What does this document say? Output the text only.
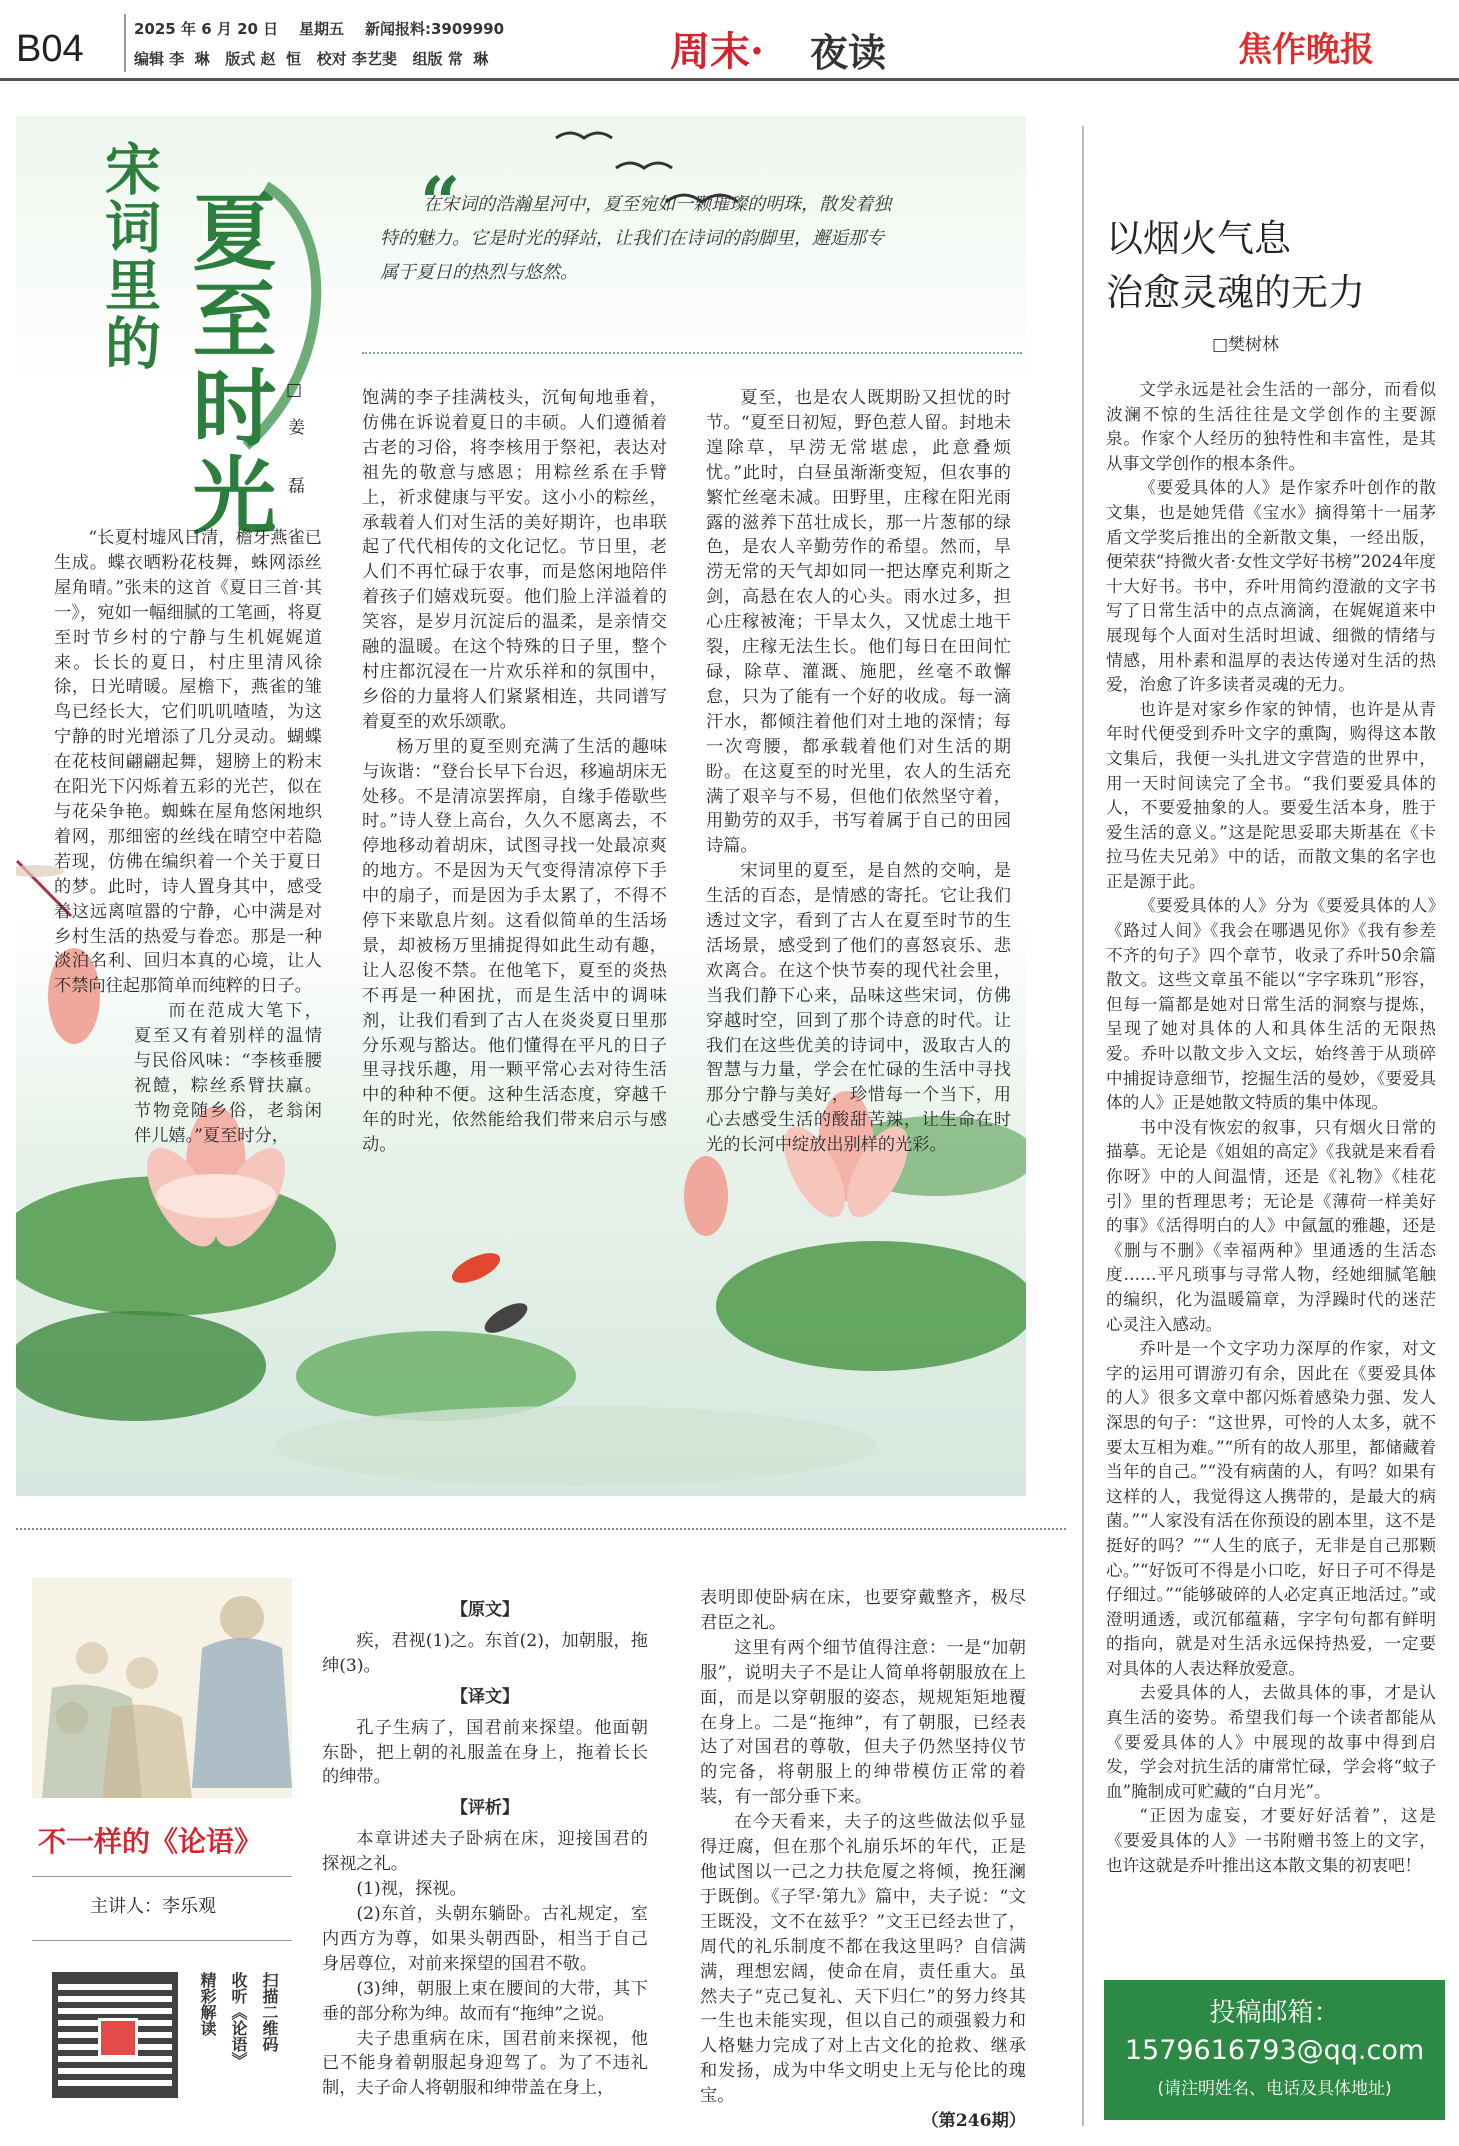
B04	2025 年 6 月 20 日    星期五    新闻报料:3909990
编辑 李  琳   版式 赵  恒   校对 李艺斐   组版 常  琳	周末· 夜读	焦作晚报
宋词里的 夏至时光 □姜 磊
“
在宋词的浩瀚星河中，夏至宛如一颗璀璨的明珠，散发着独特的魅力。它是时光的驿站，让我们在诗词的韵脚里，邂逅那专属于夏日的热烈与悠然。

“长夏村墟风日清，檐牙燕雀已生成。蝶衣晒粉花枝舞，蛛网添丝屋角晴。”张耒的这首《夏日三首·其一》，宛如一幅细腻的工笔画，将夏至时节乡村的宁静与生机娓娓道来。长长的夏日，村庄里清风徐徐，日光晴暖。屋檐下，燕雀的雏鸟已经长大，它们叽叽喳喳，为这宁静的时光增添了几分灵动。蝴蝶在花枝间翩翩起舞，翅膀上的粉末在阳光下闪烁着五彩的光芒，似在与花朵争艳。蜘蛛在屋角悠闲地织着网，那细密的丝线在晴空中若隐若现，仿佛在编织着一个关于夏日的梦。此时，诗人置身其中，感受着这远离喧嚣的宁静，心中满是对乡村生活的热爱与眷恋。那是一种淡泊名利、回归本真的心境，让人不禁向往起那简单而纯粹的日子。

而在范成大笔下，夏至又有着别样的温情与民俗风味：“李核垂腰祝饐，粽丝系臂扶羸。节物竞随乡俗，老翁闲伴儿嬉。”夏至时分，

饱满的李子挂满枝头，沉甸甸地垂着，仿佛在诉说着夏日的丰硕。人们遵循着古老的习俗，将李核用于祭祀，表达对祖先的敬意与感恩；用粽丝系在手臂上，祈求健康与平安。这小小的粽丝，承载着人们对生活的美好期许，也串联起了代代相传的文化记忆。节日里，老人们不再忙碌于农事，而是悠闲地陪伴着孩子们嬉戏玩耍。他们脸上洋溢着的笑容，是岁月沉淀后的温柔，是亲情交融的温暖。在这个特殊的日子里，整个村庄都沉浸在一片欢乐祥和的氛围中，乡俗的力量将人们紧紧相连，共同谱写着夏至的欢乐颂歌。

杨万里的夏至则充满了生活的趣味与诙谐：“登台长早下台迟，移遍胡床无处移。不是清凉罢挥扇，自缘手倦歇些时。”诗人登上高台，久久不愿离去，不停地移动着胡床，试图寻找一处最凉爽的地方。不是因为天气变得清凉停下手中的扇子，而是因为手太累了，不得不停下来歇息片刻。这看似简单的生活场景，却被杨万里捕捉得如此生动有趣，让人忍俊不禁。在他笔下，夏至的炎热不再是一种困扰，而是生活中的调味剂，让我们看到了古人在炎炎夏日里那分乐观与豁达。他们懂得在平凡的日子里寻找乐趣，用一颗平常心去对待生活中的种种不便。这种生活态度，穿越千年的时光，依然能给我们带来启示与感动。

夏至，也是农人既期盼又担忧的时节。“夏至日初短，野色惹人留。封地未遑除草，早涝无常堪虑，此意叠烦忧。”此时，白昼虽渐渐变短，但农事的繁忙丝毫未减。田野里，庄稼在阳光雨露的滋养下茁壮成长，那一片葱郁的绿色，是农人辛勤劳作的希望。然而，旱涝无常的天气却如同一把达摩克利斯之剑，高悬在农人的心头。雨水过多，担心庄稼被淹；干旱太久，又忧虑土地干裂，庄稼无法生长。他们每日在田间忙碌，除草、灌溉、施肥，丝毫不敢懈怠，只为了能有一个好的收成。每一滴汗水，都倾注着他们对土地的深情；每一次弯腰，都承载着他们对生活的期盼。在这夏至的时光里，农人的生活充满了艰辛与不易，但他们依然坚守着，用勤劳的双手，书写着属于自己的田园诗篇。

宋词里的夏至，是自然的交响，是生活的百态，是情感的寄托。它让我们透过文字，看到了古人在夏至时节的生活场景，感受到了他们的喜怒哀乐、悲欢离合。在这个快节奏的现代社会里，当我们静下心来，品味这些宋词，仿佛穿越时空，回到了那个诗意的时代。让我们在这些优美的诗词中，汲取古人的智慧与力量，学会在忙碌的生活中寻找那分宁静与美好，珍惜每一个当下，用心去感受生活的酸甜苦辣，让生命在时光的长河中绽放出别样的光彩。

以烟火气息
治愈灵魂的无力
□樊树林

文学永远是社会生活的一部分，而看似波澜不惊的生活往往是文学创作的主要源泉。作家个人经历的独特性和丰富性，是其从事文学创作的根本条件。

《要爱具体的人》是作家乔叶创作的散文集，也是她凭借《宝水》摘得第十一届茅盾文学奖后推出的全新散文集，一经出版，便荣获“持微火者·女性文学好书榜”2024年度十大好书。书中，乔叶用简约澄澈的文字书写了日常生活中的点点滴滴，在娓娓道来中展现每个人面对生活时坦诚、细微的情绪与情感，用朴素和温厚的表达传递对生活的热爱，治愈了许多读者灵魂的无力。

也许是对家乡作家的钟情，也许是从青年时代便受到乔叶文字的熏陶，购得这本散文集后，我便一头扎进文字营造的世界中，用一天时间读完了全书。“我们要爱具体的人，不要爱抽象的人。要爱生活本身，胜于爱生活的意义。”这是陀思妥耶夫斯基在《卡拉马佐夫兄弟》中的话，而散文集的名字也正是源于此。

《要爱具体的人》分为《要爱具体的人》《路过人间》《我会在哪遇见你》《我有参差不齐的句子》四个章节，收录了乔叶50余篇散文。这些文章虽不能以“字字珠玑”形容，但每一篇都是她对日常生活的洞察与提炼，呈现了她对具体的人和具体生活的无限热爱。乔叶以散文步入文坛，始终善于从琐碎中捕捉诗意细节，挖掘生活的曼妙，《要爱具体的人》正是她散文特质的集中体现。

书中没有恢宏的叙事，只有烟火日常的描摹。无论是《姐姐的高定》《我就是来看看你呀》中的人间温情，还是《礼物》《桂花引》里的哲理思考；无论是《薄荷一样美好的事》《活得明白的人》中氤氲的雅趣，还是《删与不删》《幸福两种》里通透的生活态度……平凡琐事与寻常人物，经她细腻笔触的编织，化为温暖篇章，为浮躁时代的迷茫心灵注入感动。

乔叶是一个文字功力深厚的作家，对文字的运用可谓游刃有余，因此在《要爱具体的人》很多文章中都闪烁着感染力强、发人深思的句子：“这世界，可怜的人太多，就不要太互相为难。”“所有的故人那里，都储藏着当年的自己。”“没有病菌的人，有吗？如果有这样的人，我觉得这人携带的，是最大的病菌。”“人家没有活在你预设的剧本里，这不是挺好的吗？”“人生的底子，无非是自己那颗心。”“好饭可不得是小口吃，好日子可不得是仔细过。”“能够破碎的人必定真正地活过。”或澄明通透，或沉郁蕴藉，字字句句都有鲜明的指向，就是对生活永远保持热爱，一定要对具体的人表达释放爱意。

去爱具体的人，去做具体的事，才是认真生活的姿势。希望我们每一个读者都能从《要爱具体的人》中展现的故事中得到启发，学会对抗生活的庸常忙碌，学会将“蚊子血”腌制成可贮藏的“白月光”。

“正因为虚妄，才要好好活着”，这是《要爱具体的人》一书附赠书签上的文字，也许这就是乔叶推出这本散文集的初衷吧！

投稿邮箱：
1579616793@qq.com
(请注明姓名、电话及具体地址)
不一样的《论语》
主讲人：李乐观
扫描二维码
收听《论语》
精彩解读

【原文】

疾，君视(1)之。东首(2)，加朝服，拖绅(3)。

【译文】

孔子生病了，国君前来探望。他面朝东卧，把上朝的礼服盖在身上，拖着长长的绅带。

【评析】

本章讲述夫子卧病在床，迎接国君的探视之礼。

(1)视，探视。

(2)东首，头朝东躺卧。古礼规定，室内西方为尊，如果头朝西卧，相当于自己身居尊位，对前来探望的国君不敬。

(3)绅，朝服上束在腰间的大带，其下垂的部分称为绅。故而有“拖绅”之说。

夫子患重病在床，国君前来探视，他已不能身着朝服起身迎驾了。为了不违礼制，夫子命人将朝服和绅带盖在身上，

表明即使卧病在床，也要穿戴整齐，极尽君臣之礼。

这里有两个细节值得注意：一是“加朝服”，说明夫子不是让人简单将朝服放在上面，而是以穿朝服的姿态，规规矩矩地覆在身上。二是“拖绅”，有了朝服，已经表达了对国君的尊敬，但夫子仍然坚持仪节的完备，将朝服上的绅带模仿正常的着装，有一部分垂下来。

在今天看来，夫子的这些做法似乎显得迂腐，但在那个礼崩乐坏的年代，正是他试图以一己之力扶危厦之将倾，挽狂澜于既倒。《子罕·第九》篇中，夫子说：“文王既没，文不在兹乎？”文王已经去世了，周代的礼乐制度不都在我这里吗？自信满满，理想宏阔，使命在肩，责任重大。虽然夫子“克己复礼、天下归仁”的努力终其一生也未能实现，但以自己的顽强毅力和人格魅力完成了对上古文化的抢救、继承和发扬，成为中华文明史上无与伦比的瑰宝。

（第246期）
